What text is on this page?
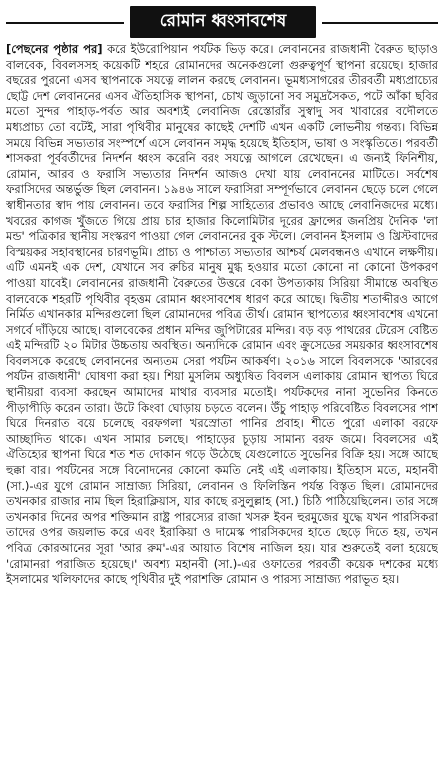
রোমান ধ্বংসাবশেষ

[পেছনের পৃষ্ঠার পর] করে ইউরোপিয়ান পর্যটক ভিড় করে। লেবাননের রাজধানী বৈরুত ছাড়াও বালবেক, বিবলসসহ কয়েকটি শহরে রোমানদের অনেকগুলো গুরুত্বপূর্ণ স্থাপনা রয়েছে। হাজার বছরের পুরনো এসব স্থাপনাকে সযত্নে লালন করছে লেবানন। ভূমধ্যসাগরের তীরবর্তী মধ্যপ্রাচ্যের ছোট্ট দেশ লেবাননের এসব ঐতিহাসিক স্থাপনা, চোখ জুড়ানো সব সমুদ্রসৈকত, পটে আঁকা ছবির মতো সুন্দর পাহাড়-পর্বত আর অবশ্যই লেবানিজ রেস্তোরাঁর সুস্বাদু সব খাবারের বদৌলতে মধ্যপ্রাচ্য তো বটেই, সারা পৃথিবীর মানুষের কাছেই দেশটি এখন একটি লোভনীয় গন্তব্য। বিভিন্ন সময়ে বিভিন্ন সভ্যতার সংস্পর্শে এসে লেবানন সমৃদ্ধ হয়েছে ইতিহাস, ভাষা ও সংস্কৃতিতে। পরবর্তী শাসকরা পূর্ববর্তীদের নিদর্শন ধ্বংস করেনি বরং সযত্নে আগলে রেখেছেন। এ জন্যই ফিনিশীয়, রোমান, আরব ও ফরাসি সভ্যতার নিদর্শন আজও দেখা যায় লেবাননের মাটিতে। সর্বশেষ ফরাসিদের অন্তর্ভুক্ত ছিল লেবানন। ১৯৪৬ সালে ফরাসিরা সম্পূর্ণভাবে লেবানন ছেড়ে চলে গেলে স্বাধীনতার স্বাদ পায় লেবানন। তবে ফরাসির শিল্প সাহিত্যের প্রভাবও আছে লেবানিজদের মধ্যে। খবরের কাগজ খুঁজতে গিয়ে প্রায় চার হাজার কিলোমিটার দূরের ফ্রান্সের জনপ্রিয় দৈনিক 'লা মন্ড' পত্রিকার স্থানীয় সংস্করণ পাওয়া গেল লেবাননের বুক স্টলে। লেবানন ইসলাম ও খ্রিস্টবাদের বিস্ময়কর সহাবস্থানের চারণভূমি। প্রাচ্য ও পাশ্চাত্য সভ্যতার আশ্চর্য মেলবন্ধনও এখানে লক্ষণীয়। এটি এমনই এক দেশ, যেখানে সব রুচির মানুষ মুগ্ধ হওয়ার মতো কোনো না কোনো উপকরণ পাওয়া যাবেই। লেবাননের রাজধানী বৈরুতের উত্তরে বেকা উপত্যকায় সিরিয়া সীমান্তে অবস্থিত বালবেকে শহরটি পৃথিবীর বৃহত্তম রোমান ধ্বংসাবশেষ ধারণ করে আছে। দ্বিতীয় শতাব্দীরও আগে নির্মিত এখানকার মন্দিরগুলো ছিল রোমানদের পবিত্র তীর্থ। রোমান স্থাপত্যের ধ্বংসাবশেষ এখনো সগর্বে দাঁড়িয়ে আছে। বালবেকের প্রধান মন্দির জুপিটারের মন্দির। বড় বড় পাথরের টেরেস বেষ্টিত এই মন্দিরটি ২০ মিটার উচ্চতায় অবস্থিত। অন্যদিকে রোমান এবং ক্রুসেডের সময়কার ধ্বংসাবশেষ বিবলসকে করেছে লেবাননের অন্যতম সেরা পর্যটন আকর্ষণ। ২০১৬ সালে বিবলসকে 'আরবের পর্যটন রাজধানী' ঘোষণা করা হয়। শিয়া মুসলিম অধ্যুষিত বিবলস এলাকায় রোমান স্থাপত্য ঘিরে স্থানীয়রা ব্যবসা করছেন আমাদের মাথার ব্যবসার মতোই। পর্যটকদের নানা সুভেনির কিনতে পীড়াপীড়ি করেন তারা। উটে কিংবা ঘোড়ায় চড়তে বলেন। উঁচু পাহাড় পরিবেষ্টিত বিবলসের পাশ ঘিরে দিনরাত বয়ে চলেছে বরফগলা খরস্রোতা পানির প্রবাহ। শীতে পুরো এলাকা বরফে আচ্ছাদিত থাকে। এখন সামার চলছে। পাহাড়ের চূড়ায় সামান্য বরফ জমে। বিবলসের এই ঐতিহ্যের স্থাপনা ঘিরে শত শত দোকান গড়ে উঠেছে যেগুলোতে সুভেনির বিক্রি হয়। সঙ্গে আছে হুক্কা বার। পর্যটনের সঙ্গে বিনোদনের কোনো কমতি নেই এই এলাকায়। ইতিহাস মতে, মহানবী (সা.)-এর যুগে রোমান সাম্রাজ্য সিরিয়া, লেবানন ও ফিলিস্তিন পর্যন্ত বিস্তৃত ছিল। রোমানদের তখনকার রাজার নাম ছিল হিরাক্লিয়াস, যার কাছে রসুলুল্লাহ (সা.) চিঠি পাঠিয়েছিলেন। তার সঙ্গে তখনকার দিনের অপর শক্তিমান রাষ্ট্র পারস্যের রাজা খসরু ইবন হুরমুজের যুদ্ধে যখন পারসিকরা তাদের ওপর জয়লাভ করে এবং ইরাকিয়া ও দামেস্ক পারসিকদের হাতে ছেড়ে দিতে হয়, তখন পবিত্র কোরআনের সূরা 'আর রুম'-এর আয়াত বিশেষ নাজিল হয়। যার শুরুতেই বলা হয়েছে 'রোমানরা পরাজিত হয়েছে।' অবশ্য মহানবী (সা.)-এর ওফাতের পরবর্তী কয়েক দশকের মধ্যে ইসলামের খলিফাদের কাছে পৃথিবীর দুই পরাশক্তি রোমান ও পারস্য সাম্রাজ্য পরাভূত হয়।
